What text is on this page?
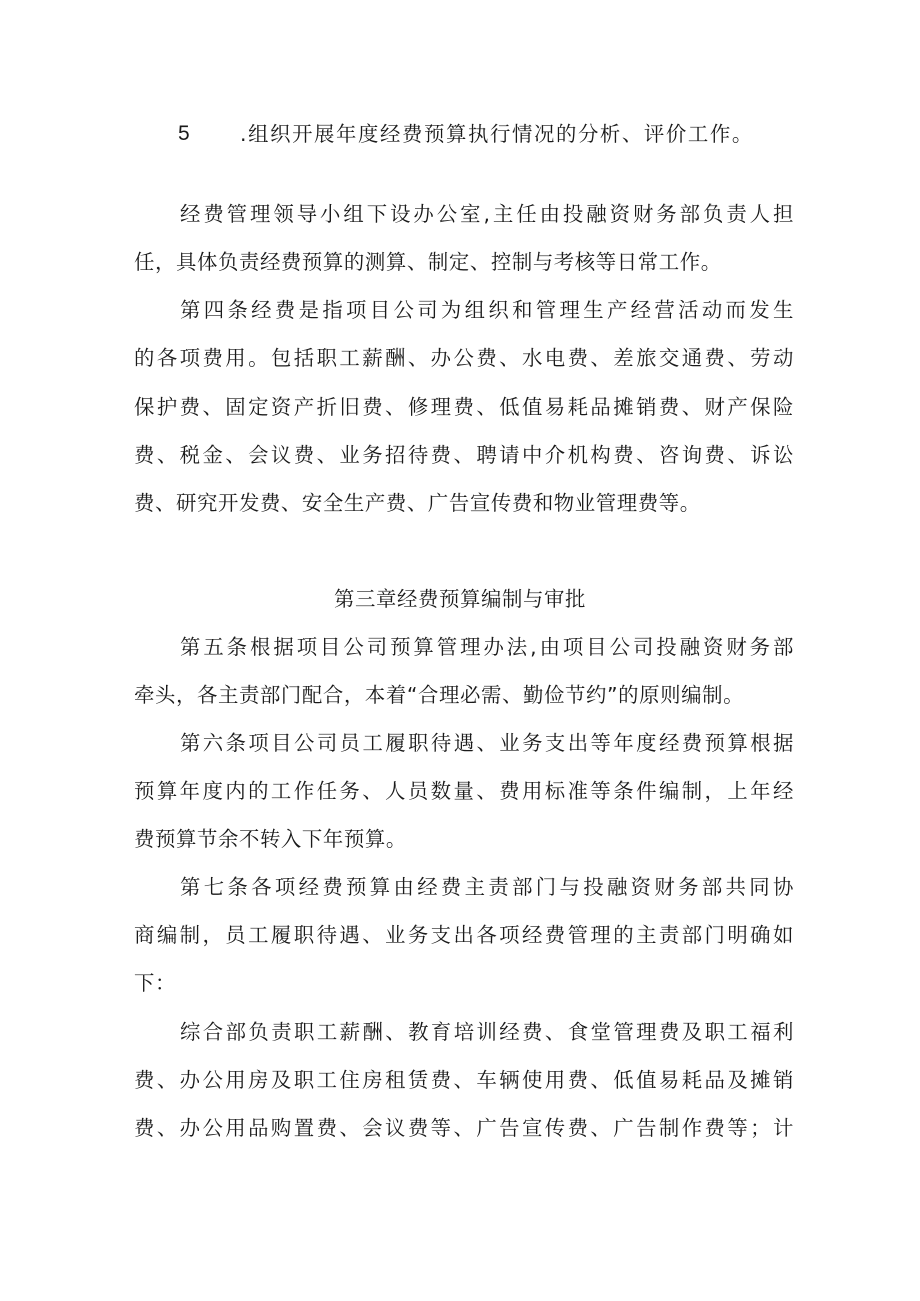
5 .组织开展年度经费预算执行情况的分析、评价工作。
经费管理领导小组下设办公室,主任由投融资财务部负责人担
任，具体负责经费预算的测算、制定、控制与考核等日常工作。
第四条经费是指项目公司为组织和管理生产经营活动而发生
的各项费用。包括职工薪酬、办公费、水电费、差旅交通费、劳动
保护费、固定资产折旧费、修理费、低值易耗品摊销费、财产保险
费、税金、会议费、业务招待费、聘请中介机构费、咨询费、诉讼
费、研究开发费、安全生产费、广告宣传费和物业管理费等。
第三章经费预算编制与审批
第五条根据项目公司预算管理办法,由项目公司投融资财务部
牵头，各主责部门配合，本着“合理必需、勤俭节约”的原则编制。
第六条项目公司员工履职待遇、业务支出等年度经费预算根据
预算年度内的工作任务、人员数量、费用标准等条件编制，上年经
费预算节余不转入下年预算。
第七条各项经费预算由经费主责部门与投融资财务部共同协
商编制，员工履职待遇、业务支出各项经费管理的主责部门明确如
下：
综合部负责职工薪酬、教育培训经费、食堂管理费及职工福利
费、办公用房及职工住房租赁费、车辆使用费、低值易耗品及摊销
费、办公用品购置费、会议费等、广告宣传费、广告制作费等；计
